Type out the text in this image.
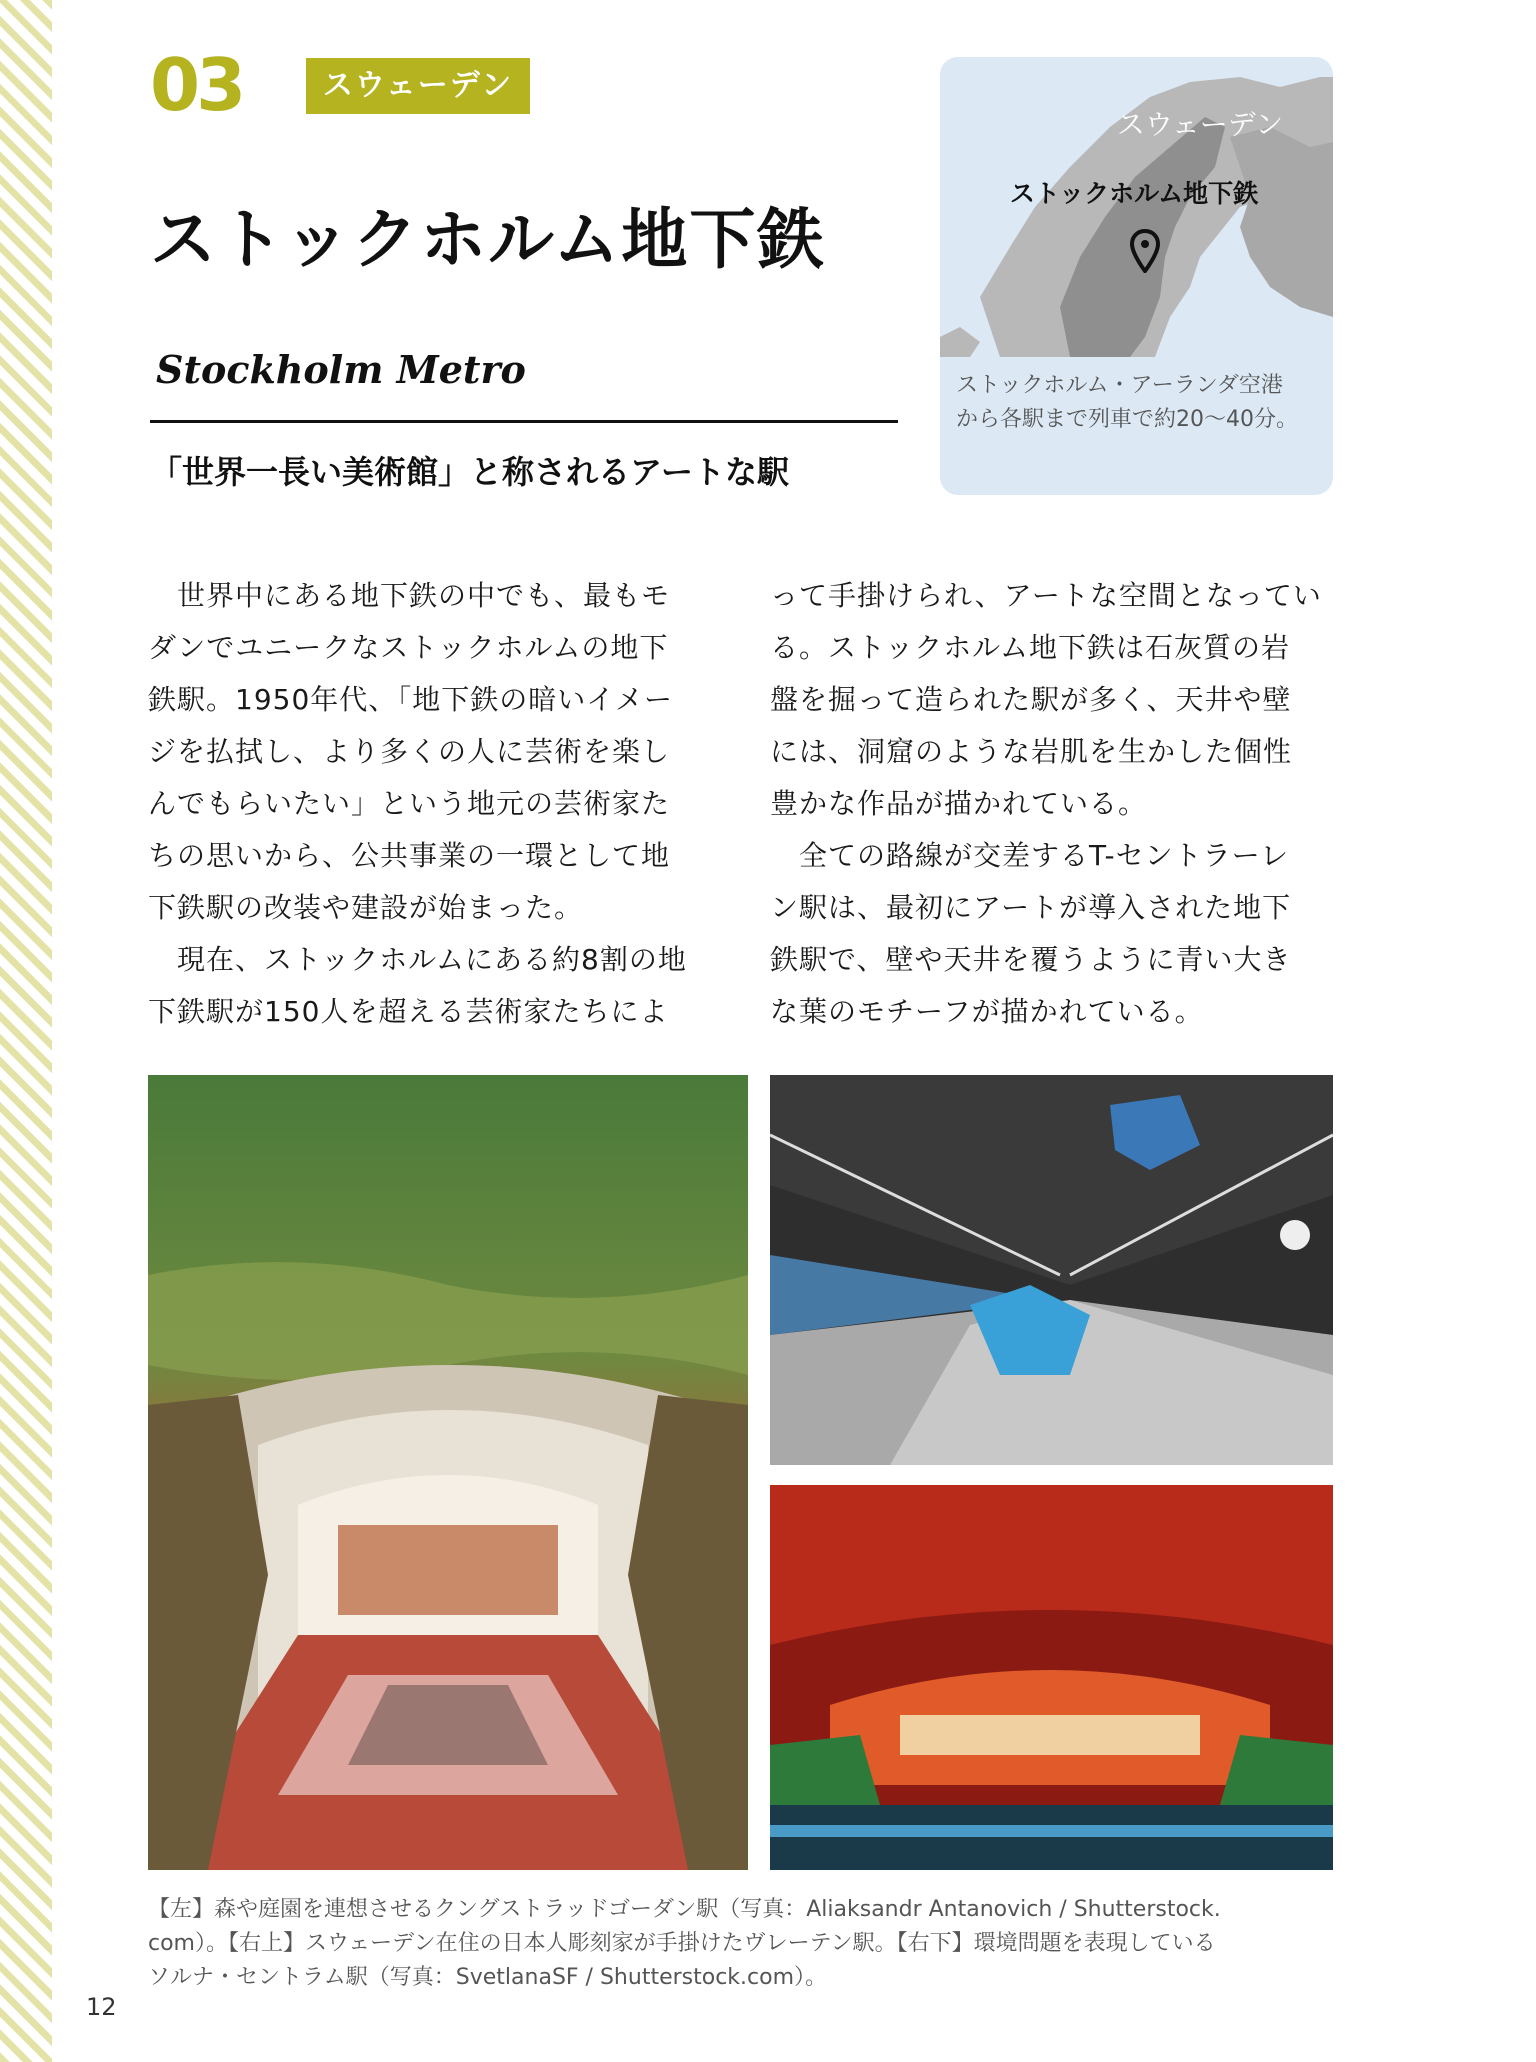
03	スウェーデン
ストックホルム地下鉄
Stockholm Metro
「世界一長い美術館」と称されるアートな駅
スウェーデン
ストックホルム地下鉄
ストックホルム・アーランダ空港
から各駅まで列車で約20〜40分。
　世界中にある地下鉄の中でも、最もモ
ダンでユニークなストックホルムの地下
鉄駅。1950年代、「地下鉄の暗いイメー
ジを払拭し、より多くの人に芸術を楽し
んでもらいたい」という地元の芸術家た
ちの思いから、公共事業の一環として地
下鉄駅の改装や建設が始まった。
　現在、ストックホルムにある約8割の地
下鉄駅が150人を超える芸術家たちによ
って手掛けられ、アートな空間となってい
る。ストックホルム地下鉄は石灰質の岩
盤を掘って造られた駅が多く、天井や壁
には、洞窟のような岩肌を生かした個性
豊かな作品が描かれている。
　全ての路線が交差するT-セントラーレ
ン駅は、最初にアートが導入された地下
鉄駅で、壁や天井を覆うように青い大き
な葉のモチーフが描かれている。
【左】森や庭園を連想させるクングストラッドゴーダン駅（写真：Aliaksandr Antanovich / Shutterstock.
com）。【右上】スウェーデン在住の日本人彫刻家が手掛けたヴレーテン駅。【右下】環境問題を表現している
ソルナ・セントラム駅（写真：SvetlanaSF / Shutterstock.com）。
12
